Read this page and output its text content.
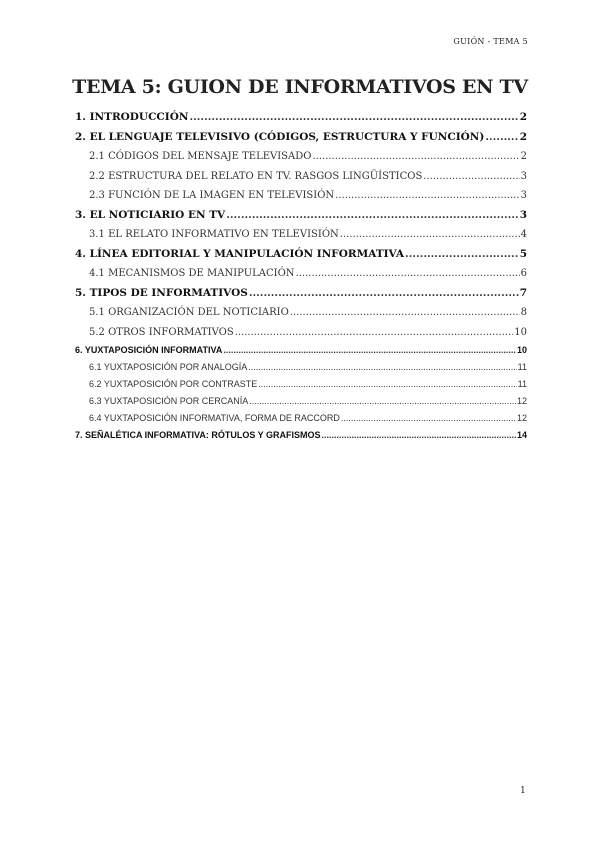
GUIÓN - TEMA 5
TEMA 5: GUION DE INFORMATIVOS EN TV
1. INTRODUCCIÓN .....	2
2. EL LENGUAJE TELEVISIVO (CÓDIGOS, ESTRUCTURA Y FUNCIÓN) .....	2
2.1 CÓDIGOS DEL MENSAJE TELEVISADO .....	2
2.2 ESTRUCTURA DEL RELATO EN TV. RASGOS LINGÜÍSTICOS .....	3
2.3 FUNCIÓN DE LA IMAGEN EN TELEVISIÓN .....	3
3. EL NOTICIARIO EN TV .....	3
3.1 EL RELATO INFORMATIVO EN TELEVISIÓN .....	4
4. LÍNEA EDITORIAL Y MANIPULACIÓN INFORMATIVA .....	5
4.1 MECANISMOS DE MANIPULACIÓN .....	6
5. TIPOS DE INFORMATIVOS .....	7
5.1 ORGANIZACIÓN DEL NOTICIARIO .....	8
5.2 OTROS INFORMATIVOS .....	10
6. YUXTAPOSICIÓN INFORMATIVA .....	10
6.1 YUXTAPOSICIÓN POR ANALOGÍA .....	11
6.2 YUXTAPOSICIÓN POR CONTRASTE .....	11
6.3 YUXTAPOSICIÓN POR CERCANÍA .....	12
6.4 YUXTAPOSICIÓN INFORMATIVA, FORMA DE RACCORD .....	12
7. SEÑALÉTICA INFORMATIVA: RÓTULOS Y GRAFISMOS .....	14
1
